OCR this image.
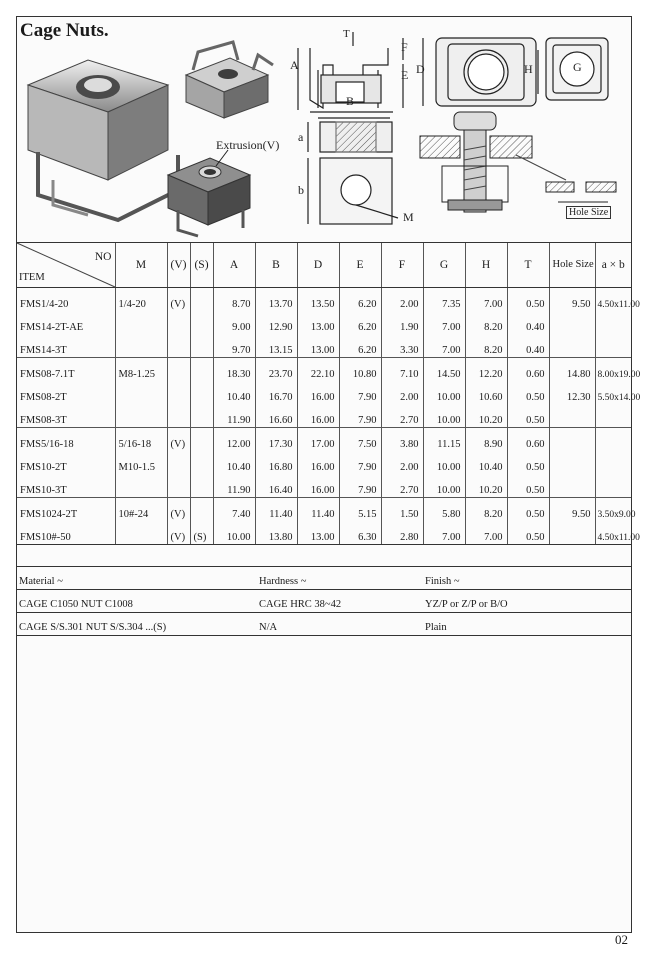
Cage Nuts.
Extrusion(V)
T
A
B
F
E D	H	G
a
b
M	Hole Size
NO
ITEM	M	(V)	(S)	A	B	D	E	F	G	H	T	Hole Size	a × b
FMS1/4-20	1/4-20	(V)		8.70	13.70	13.50	6.20	2.00	7.35	7.00	0.50	9.50	4.50x11.00
FMS14-2T-AE				9.00	12.90	13.00	6.20	1.90	7.00	8.20	0.40		
FMS14-3T				9.70	13.15	13.00	6.20	3.30	7.00	8.20	0.40		
FMS08-7.1T	M8-1.25			18.30	23.70	22.10	10.80	7.10	14.50	12.20	0.60	14.80	8.00x19.00
FMS08-2T				10.40	16.70	16.00	7.90	2.00	10.00	10.60	0.50	12.30	5.50x14.00
FMS08-3T				11.90	16.60	16.00	7.90	2.70	10.00	10.20	0.50		
FMS5/16-18	5/16-18	(V)		12.00	17.30	17.00	7.50	3.80	11.15	8.90	0.60		
FMS10-2T	M10-1.5			10.40	16.80	16.00	7.90	2.00	10.00	10.40	0.50		
FMS10-3T				11.90	16.40	16.00	7.90	2.70	10.00	10.20	0.50		
FMS1024-2T	10#-24	(V)		7.40	11.40	11.40	5.15	1.50	5.80	8.20	0.50	9.50	3.50x9.00
FMS10#-50		(V)	(S)	10.00	13.80	13.00	6.30	2.80	7.00	7.00	0.50		4.50x11.00
Material ~	Hardness ~	Finish ~
CAGE C1050 NUT C1008	CAGE HRC 38~42	YZ/P or Z/P or B/O
CAGE S/S.301 NUT S/S.304 ...(S)	N/A	Plain
02
